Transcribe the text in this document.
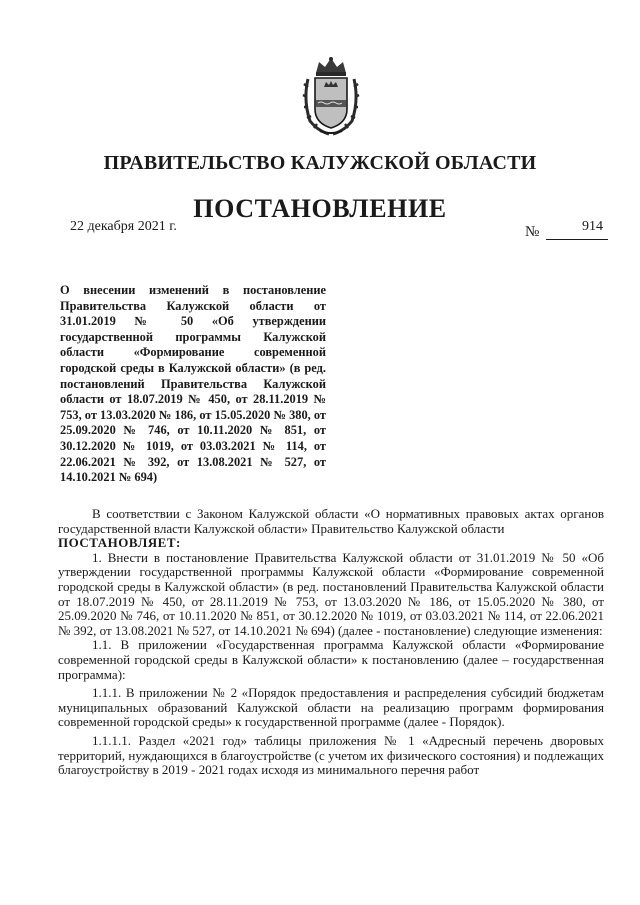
ПРАВИТЕЛЬСТВО КАЛУЖСКОЙ ОБЛАСТИ
ПОСТАНОВЛЕНИЕ
22 декабря 2021 г.	№	914
О внесении изменений в постановление Правительства Калужской области от 31.01.2019 № 50 «Об утверждении государственной программы Калужской области «Формирование современной городской среды в Калужской области» (в ред. постановлений Правительства Калужской области от 18.07.2019 № 450, от 28.11.2019 № 753, от 13.03.2020 № 186, от 15.05.2020 № 380, от 25.09.2020 № 746, от 10.11.2020 № 851, от 30.12.2020 № 1019, от 03.03.2021 № 114, от 22.06.2021 № 392, от 13.08.2021 № 527, от 14.10.2021 № 694)

В соответствии с Законом Калужской области «О нормативных правовых актах органов государственной власти Калужской области» Правительство Калужской области

ПОСТАНОВЛЯЕТ:

1. Внести в постановление Правительства Калужской области от 31.01.2019 № 50 «Об утверждении государственной программы Калужской области «Формирование современной городской среды в Калужской области» (в ред. постановлений Правительства Калужской области от 18.07.2019 № 450, от 28.11.2019 № 753, от 13.03.2020 № 186, от 15.05.2020 № 380, от 25.09.2020 № 746, от 10.11.2020 № 851, от 30.12.2020 № 1019, от 03.03.2021 № 114, от 22.06.2021 № 392, от 13.08.2021 № 527, от 14.10.2021 № 694) (далее - постановление) следующие изменения:

1.1. В приложении «Государственная программа Калужской области «Формирование современной городской среды в Калужской области» к постановлению (далее – государственная программа):

1.1.1. В приложении № 2 «Порядок предоставления и распределения субсидий бюджетам муниципальных образований Калужской области на реализацию программ формирования современной городской среды» к государственной программе (далее - Порядок).

1.1.1.1. Раздел «2021 год» таблицы приложения № 1 «Адресный перечень дворовых территорий, нуждающихся в благоустройстве (с учетом их физического состояния) и подлежащих благоустройству в 2019 - 2021 годах исходя из минимального перечня работ
